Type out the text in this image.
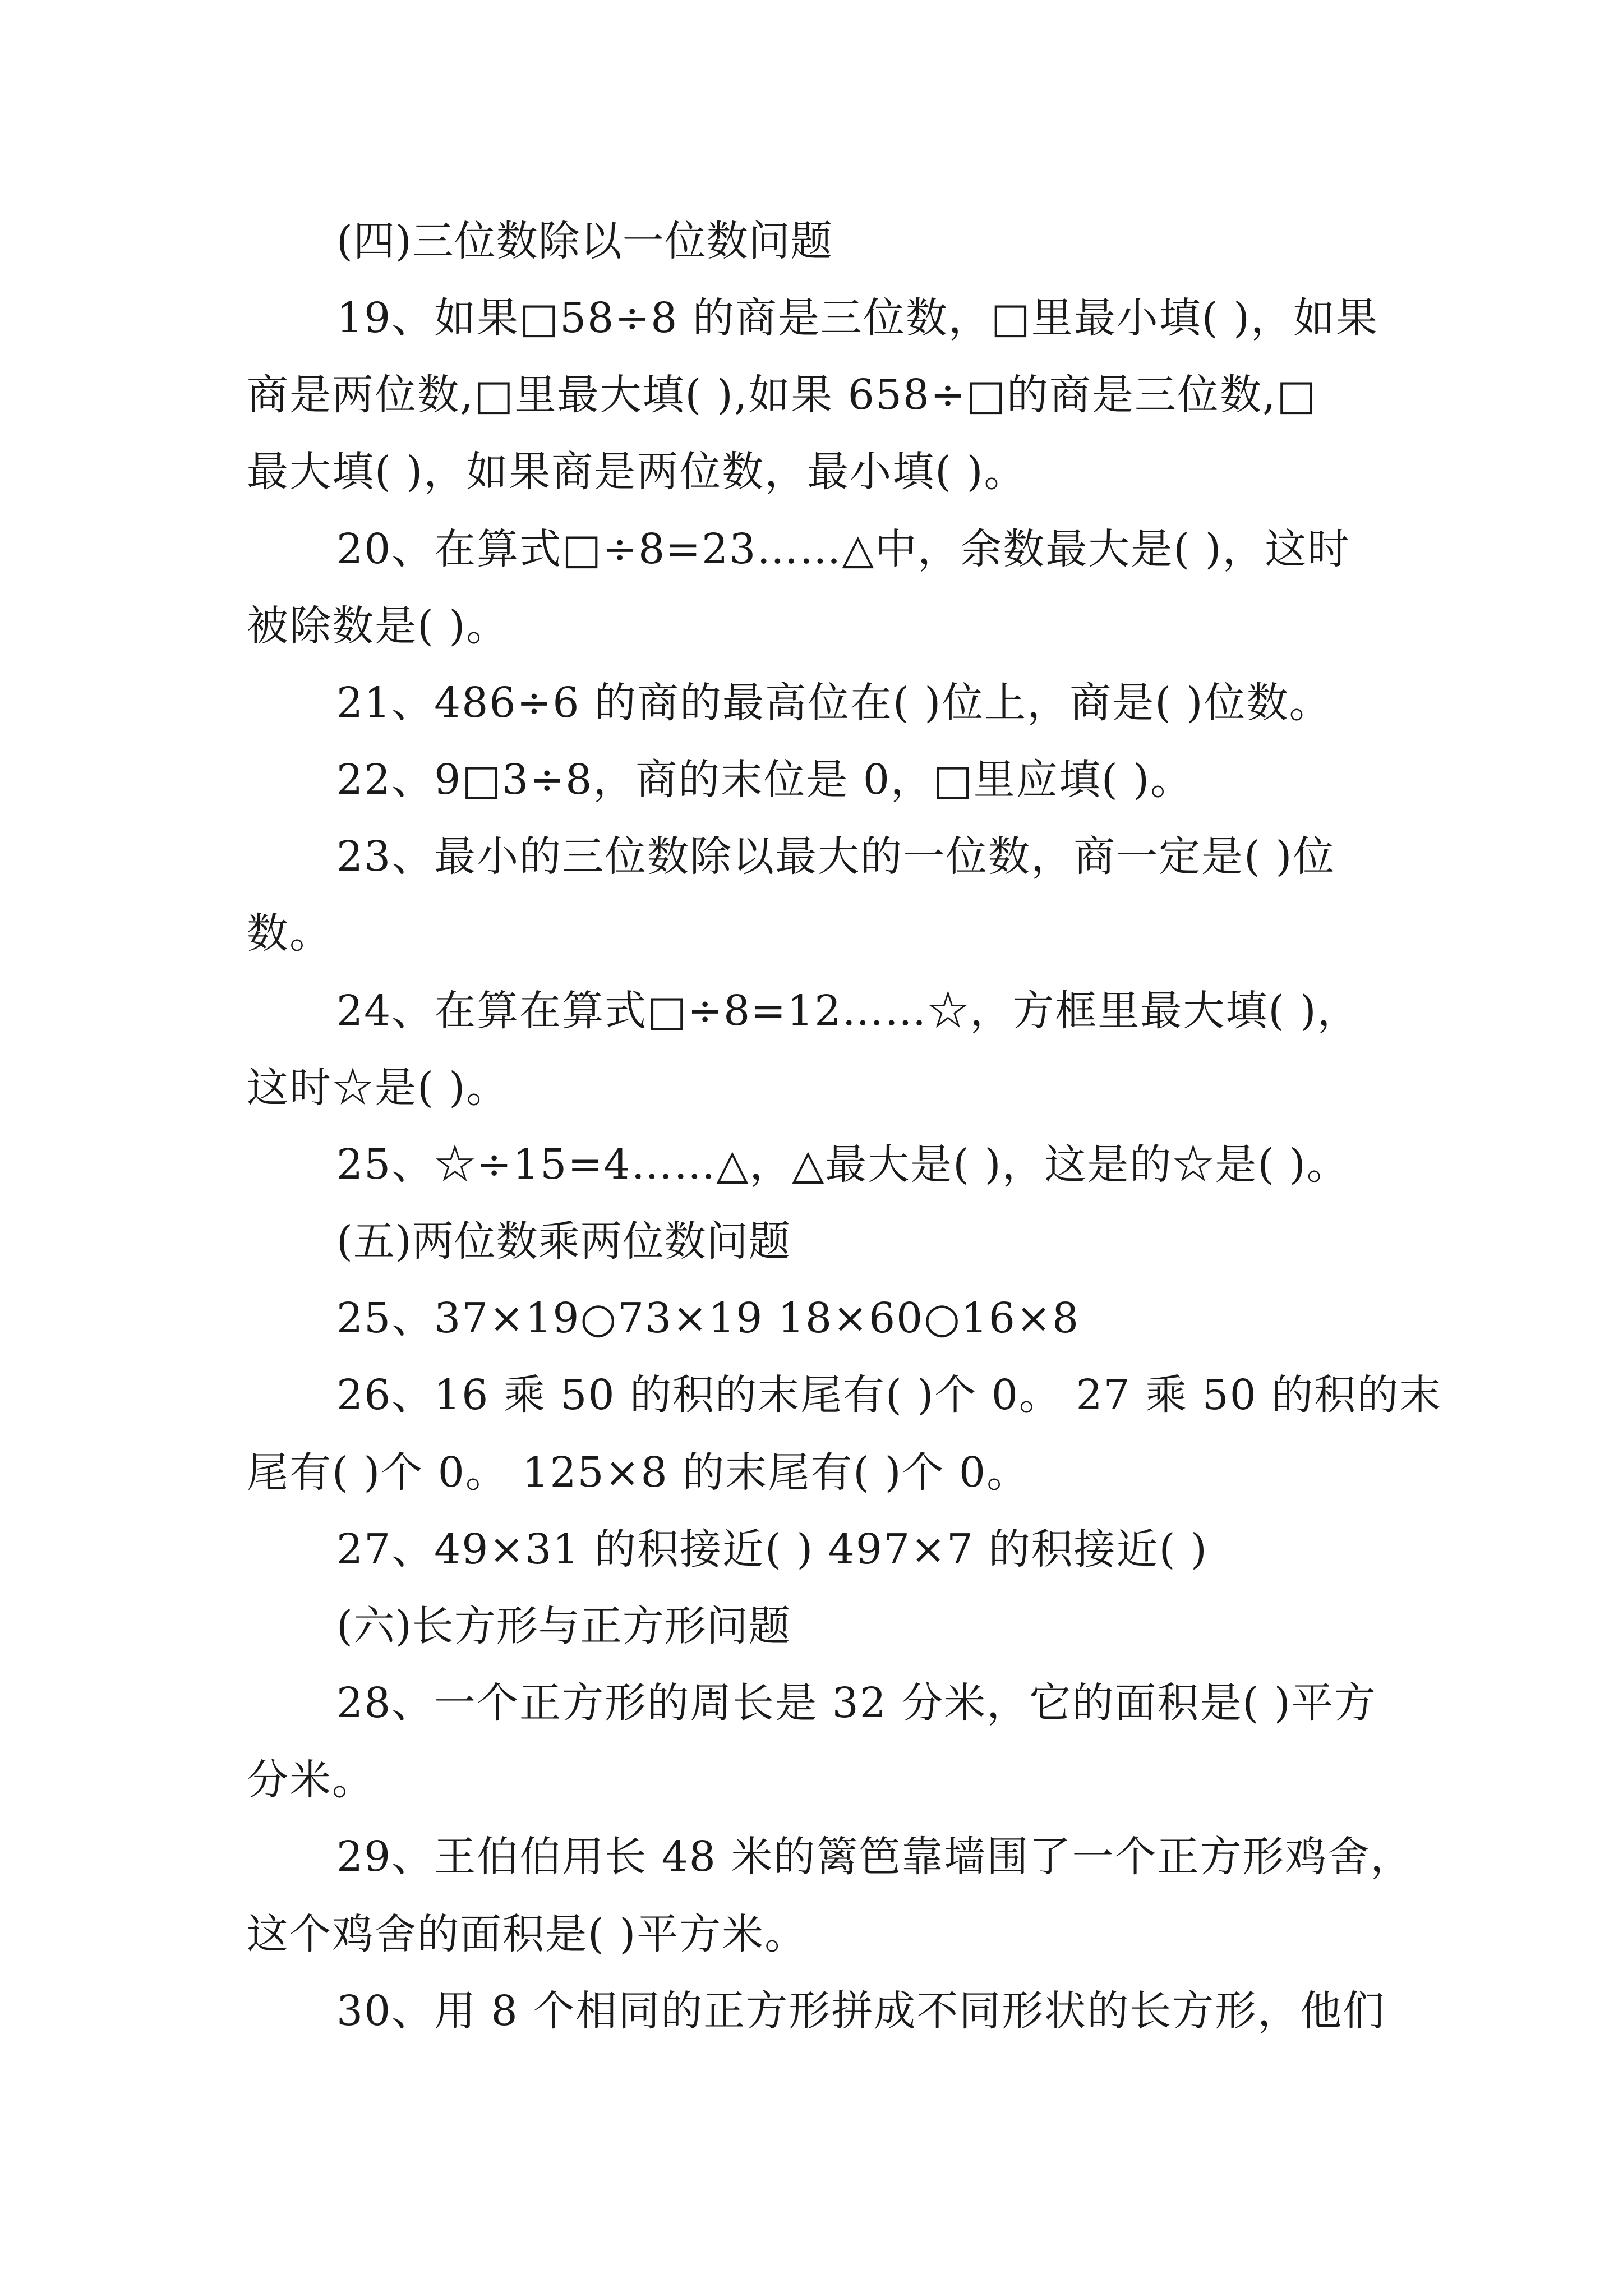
(四)三位数除以一位数问题
19、如果□58÷8 的商是三位数，□里最小填( )，如果
商是两位数,□里最大填( ),如果 658÷□的商是三位数,□
最大填( )，如果商是两位数，最小填( )。
20、在算式□÷8=23……△中，余数最大是( )，这时
被除数是( )。
21、486÷6 的商的最高位在( )位上，商是( )位数。
22、9□3÷8，商的末位是 0，□里应填( )。
23、最小的三位数除以最大的一位数，商一定是( )位
数。
24、在算在算式□÷8=12……☆，方框里最大填( )，
这时☆是( )。
25、☆÷15=4……△，△最大是( )，这是的☆是( )。
(五)两位数乘两位数问题
25、37×19○73×19 18×60○16×8
26、16 乘 50 的积的末尾有( )个 0。 27 乘 50 的积的末
尾有( )个 0。 125×8 的末尾有( )个 0。
27、49×31 的积接近( ) 497×7 的积接近( )
(六)长方形与正方形问题
28、一个正方形的周长是 32 分米，它的面积是( )平方
分米。
29、王伯伯用长 48 米的篱笆靠墙围了一个正方形鸡舍，
这个鸡舍的面积是( )平方米。
30、用 8 个相同的正方形拼成不同形状的长方形，他们
